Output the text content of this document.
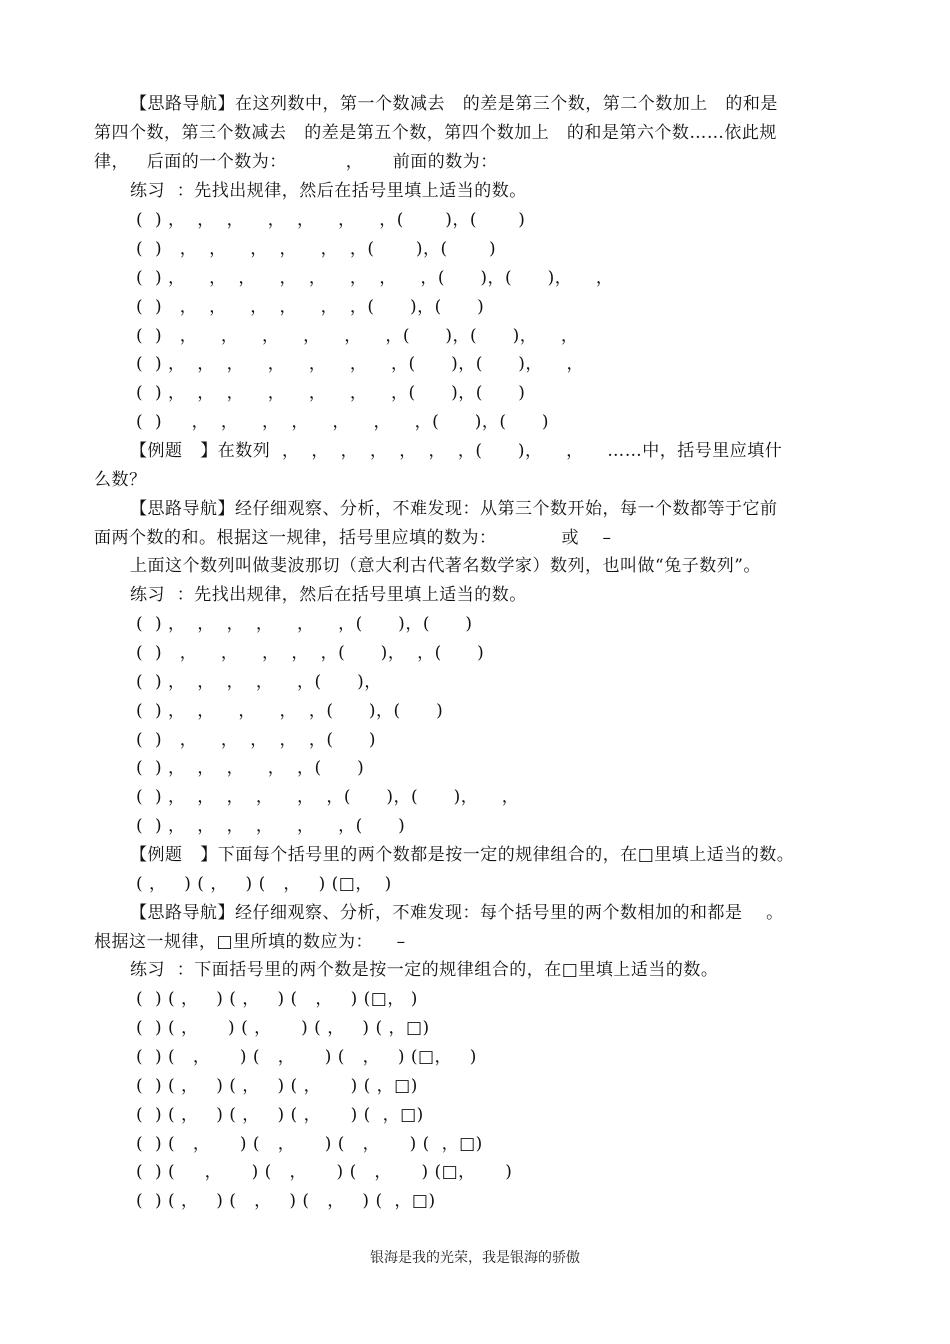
【思路导航】在这列数中，第一个数减去   的差是第三个数，第二个数加上   的和是
第四个数，第三个数减去   的差是第五个数，第四个数加上   的和是第六个数……依此规
律，   后面的一个数为：          ，     前面的数为：
练习  ：先找出规律，然后在括号里填上适当的数。
(  ) ，  ，  ，    ，  ，    ，    ，(       )，(       )
(  )   ，  ，    ，  ，    ，  ，(       )，(       )
(  ) ，    ，  ，    ，  ，    ，  ，    ，(      )，(      )，    ，
(  )   ，  ，    ，  ，    ，  ，(      )，(      )
(  )   ，    ，    ，    ，    ，    ，(      )，(      )，    ，
(  ) ，  ，  ，    ，    ，    ，    ，(      )，(      )，    ，
(  ) ，  ，  ，    ，    ，    ，    ，(      )，(      )
(  )     ，  ，    ，  ，    ，    ，    ，(      )，(      )
【例题   】在数列  ，  ，  ，  ，  ，  ，  ，(      )，    ，    ……中，括号里应填什
么数？
【思路导航】经仔细观察、分析，不难发现：从第三个数开始，每一个数都等于它前
面两个数的和。根据这一规律，括号里应填的数为：           或    –
上面这个数列叫做斐波那切（意大利古代著名数学家）数列，也叫做“兔子数列”。
练习  ：先找出规律，然后在括号里填上适当的数。
(  ) ，  ，  ，  ，    ，    ，(      )，(      )
(  )   ，    ，    ，  ，  ，(      )，  ，(      )
(  ) ，  ，  ，  ，    ，(      )，
(  ) ，  ，    ，    ，  ，(      )，(      )
(  )   ，    ，  ，  ，  ，(      )
(  ) ，  ，  ，    ，  ，(      )
(  ) ，  ，  ，  ，    ，  ，(      )，(      )，    ，
(  ) ，  ，  ，  ，    ，    ，(      )
【例题   】下面每个括号里的两个数都是按一定的规律组合的，在□里填上适当的数。
( ，   ) ( ，   ) (   ，   ) (□，  )
【思路导航】经仔细观察、分析，不难发现：每个括号里的两个数相加的和都是    。
根据这一规律，□里所填的数应为：    –
练习  ：下面括号里的两个数是按一定的规律组合的，在□里填上适当的数。
(  ) ( ，   ) ( ，   ) (   ，   ) (□， )
(  ) ( ，     ) ( ，     ) ( ，   ) ( ，□)
(  ) (   ，     ) (   ，     ) (   ，   ) (□，   )
(  ) ( ，   ) ( ，   ) ( ，     ) ( ，□)
(  ) ( ，   ) ( ，   ) ( ，     ) (  ，□)
(  ) (   ，     ) (   ，     ) (   ，     ) (  ，□)
(  ) (     ，     ) (   ，     ) (   ，     ) (□，     )
(  ) ( ，   ) (   ，   ) (   ，   ) (  ，□)
银海是我的光荣，我是银海的骄傲
